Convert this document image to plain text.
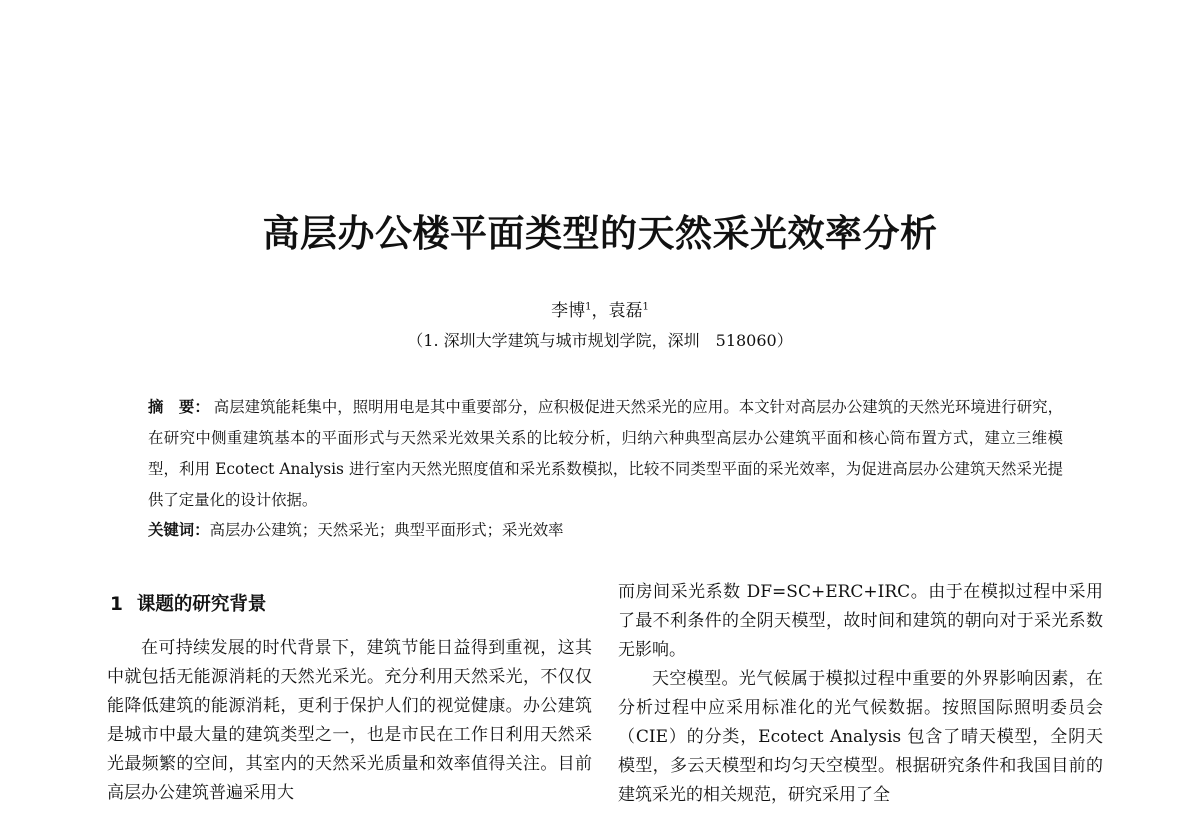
高层办公楼平面类型的天然采光效率分析
李博$^1$，袁磊$^1$
（1. 深圳大学建筑与城市规划学院，深圳　518060）
摘　要： 高层建筑能耗集中，照明用电是其中重要部分，应积极促进天然采光的应用。本文针对高层办公建筑的天然光环境进行研究，在研究中侧重建筑基本的平面形式与天然采光效果关系的比较分析，归纳六种典型高层办公建筑平面和核心筒布置方式，建立三维模型，利用 Ecotect Analysis 进行室内天然光照度值和采光系数模拟，比较不同类型平面的采光效率，为促进高层办公建筑天然采光提供了定量化的设计依据。
关键词：高层办公建筑；天然采光；典型平面形式；采光效率
1 课题的研究背景

在可持续发展的时代背景下，建筑节能日益得到重视，这其中就包括无能源消耗的天然光采光。充分利用天然采光，不仅仅能降低建筑的能源消耗，更利于保护人们的视觉健康。办公建筑是城市中最大量的建筑类型之一，也是市民在工作日利用天然采光最频繁的空间，其室内的天然采光质量和效率值得关注。目前高层办公建筑普遍采用大

而房间采光系数 DF=SC+ERC+IRC。由于在模拟过程中采用了最不利条件的全阴天模型，故时间和建筑的朝向对于采光系数无影响。

天空模型。光气候属于模拟过程中重要的外界影响因素，在分析过程中应采用标准化的光气候数据。按照国际照明委员会（CIE）的分类，Ecotect Analysis 包含了晴天模型，全阴天模型，多云天模型和均匀天空模型。根据研究条件和我国目前的建筑采光的相关规范，研究采用了全
